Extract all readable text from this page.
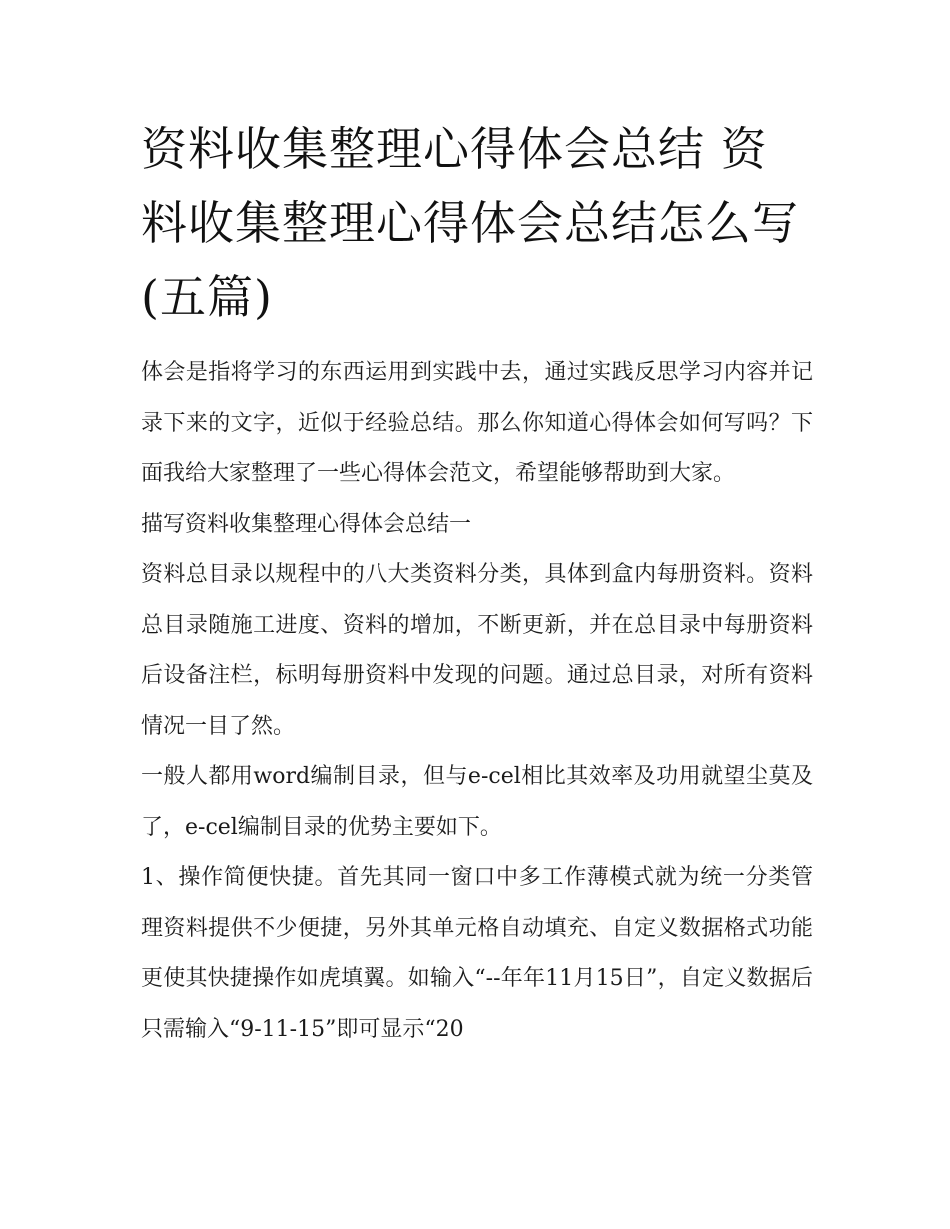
资料收集整理心得体会总结 资料收集整理心得体会总结怎么写(五篇)

体会是指将学习的东西运用到实践中去，通过实践反思学习内容并记录下来的文字，近似于经验总结。那么你知道心得体会如何写吗？下面我给大家整理了一些心得体会范文，希望能够帮助到大家。

描写资料收集整理心得体会总结一

资料总目录以规程中的八大类资料分类，具体到盒内每册资料。资料总目录随施工进度、资料的增加，不断更新，并在总目录中每册资料后设备注栏，标明每册资料中发现的问题。通过总目录，对所有资料情况一目了然。

一般人都用word编制目录，但与e-cel相比其效率及功用就望尘莫及了，e-cel编制目录的优势主要如下。

1、操作简便快捷。首先其同一窗口中多工作薄模式就为统一分类管理资料提供不少便捷，另外其单元格自动填充、自定义数据格式功能更使其快捷操作如虎填翼。如输入“--年年11月15日”，自定义数据后只需输入“9-11-15”即可显示“20
